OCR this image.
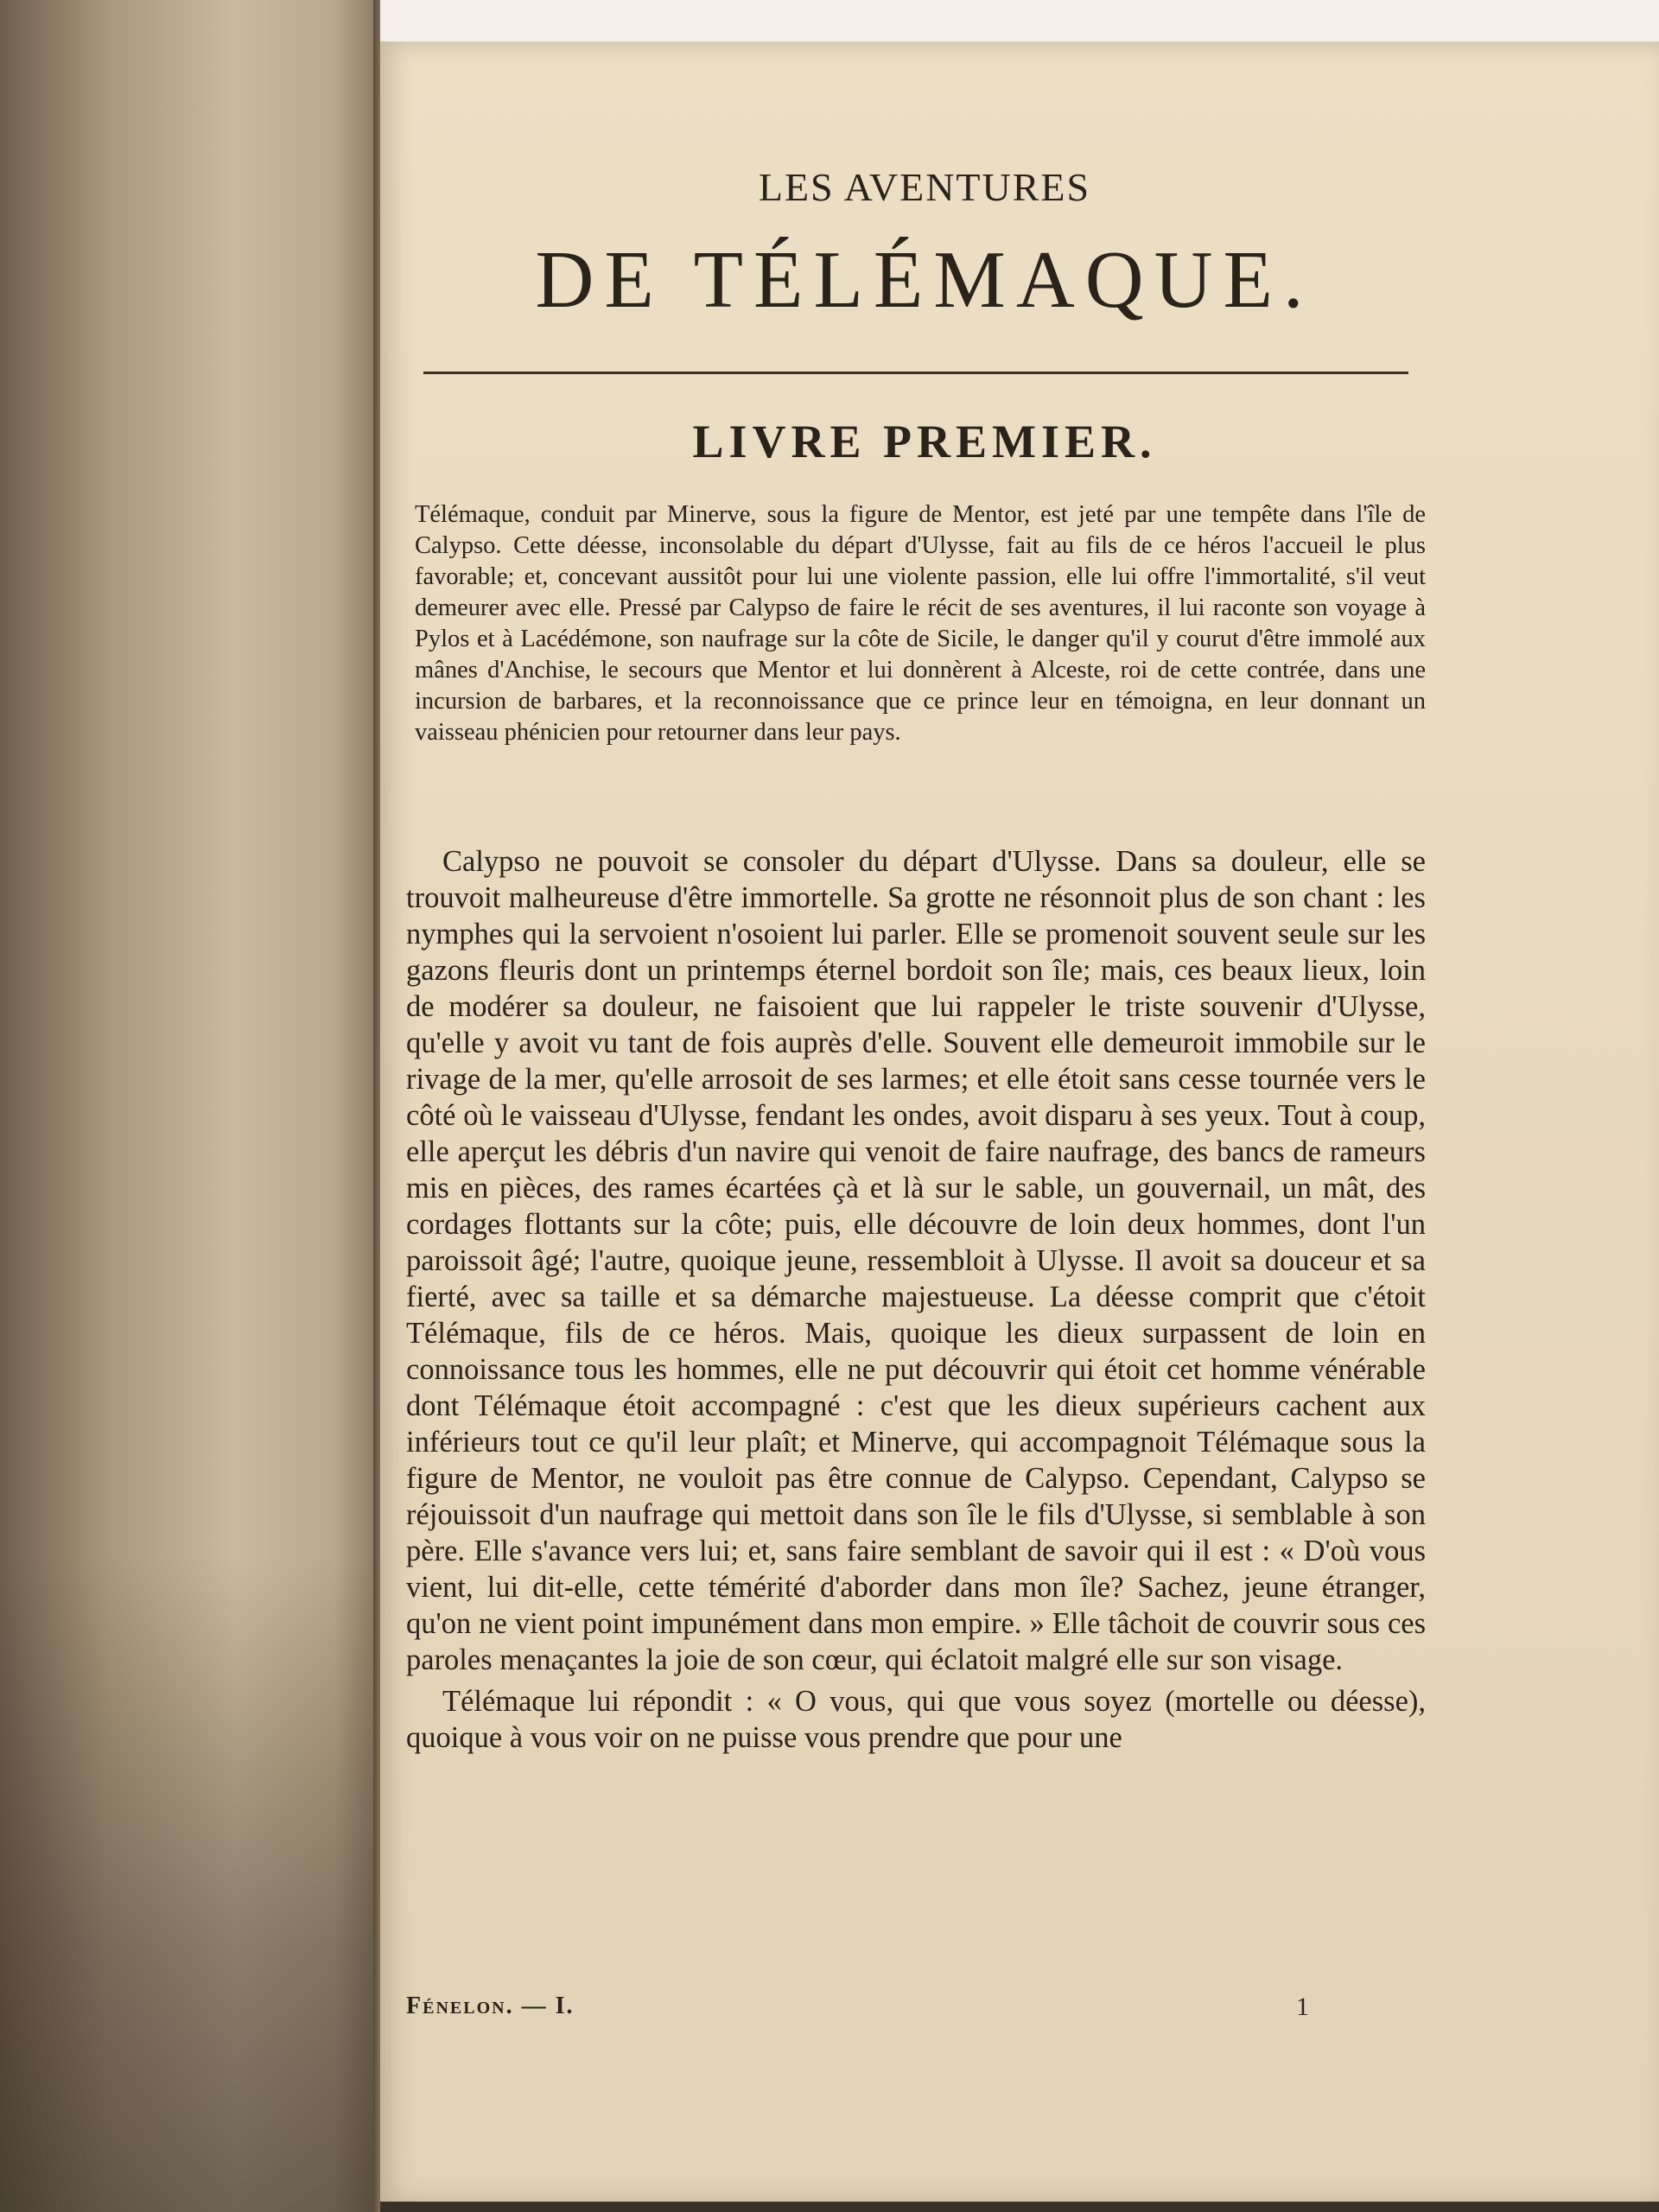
LES AVENTURES
DE TÉLÉMAQUE.
LIVRE PREMIER.
Télémaque, conduit par Minerve, sous la figure de Mentor, est jeté par une tempête dans l'île de Calypso. Cette déesse, inconsolable du départ d'Ulysse, fait au fils de ce héros l'accueil le plus favorable; et, concevant aussitôt pour lui une violente passion, elle lui offre l'immortalité, s'il veut demeurer avec elle. Pressé par Calypso de faire le récit de ses aventures, il lui raconte son voyage à Pylos et à Lacédémone, son naufrage sur la côte de Sicile, le danger qu'il y courut d'être immolé aux mânes d'Anchise, le secours que Mentor et lui donnèrent à Alceste, roi de cette contrée, dans une incursion de barbares, et la reconnoissance que ce prince leur en témoigna, en leur donnant un vaisseau phénicien pour retourner dans leur pays.

Calypso ne pouvoit se consoler du départ d'Ulysse. Dans sa douleur, elle se trouvoit malheureuse d'être immortelle. Sa grotte ne résonnoit plus de son chant : les nymphes qui la servoient n'osoient lui parler. Elle se promenoit souvent seule sur les gazons fleuris dont un printemps éternel bordoit son île; mais, ces beaux lieux, loin de modérer sa douleur, ne faisoient que lui rappeler le triste souvenir d'Ulysse, qu'elle y avoit vu tant de fois auprès d'elle. Souvent elle demeuroit immobile sur le rivage de la mer, qu'elle arrosoit de ses larmes; et elle étoit sans cesse tournée vers le côté où le vaisseau d'Ulysse, fendant les ondes, avoit disparu à ses yeux. Tout à coup, elle aperçut les débris d'un navire qui venoit de faire naufrage, des bancs de rameurs mis en pièces, des rames écartées çà et là sur le sable, un gouvernail, un mât, des cordages flottants sur la côte; puis, elle découvre de loin deux hommes, dont l'un paroissoit âgé; l'autre, quoique jeune, ressembloit à Ulysse. Il avoit sa douceur et sa fierté, avec sa taille et sa démarche majestueuse. La déesse comprit que c'étoit Télémaque, fils de ce héros. Mais, quoique les dieux surpassent de loin en connoissance tous les hommes, elle ne put découvrir qui étoit cet homme vénérable dont Télémaque étoit accompagné : c'est que les dieux supérieurs cachent aux inférieurs tout ce qu'il leur plaît; et Minerve, qui accompagnoit Télémaque sous la figure de Mentor, ne vouloit pas être connue de Calypso. Cependant, Calypso se réjouissoit d'un naufrage qui mettoit dans son île le fils d'Ulysse, si semblable à son père. Elle s'avance vers lui; et, sans faire semblant de savoir qui il est : « D'où vous vient, lui dit-elle, cette témérité d'aborder dans mon île? Sachez, jeune étranger, qu'on ne vient point impunément dans mon empire. » Elle tâchoit de couvrir sous ces paroles menaçantes la joie de son cœur, qui éclatoit malgré elle sur son visage.

Télémaque lui répondit : « O vous, qui que vous soyez (mortelle ou déesse), quoique à vous voir on ne puisse vous prendre que pour une

Fénelon. — I.	1
